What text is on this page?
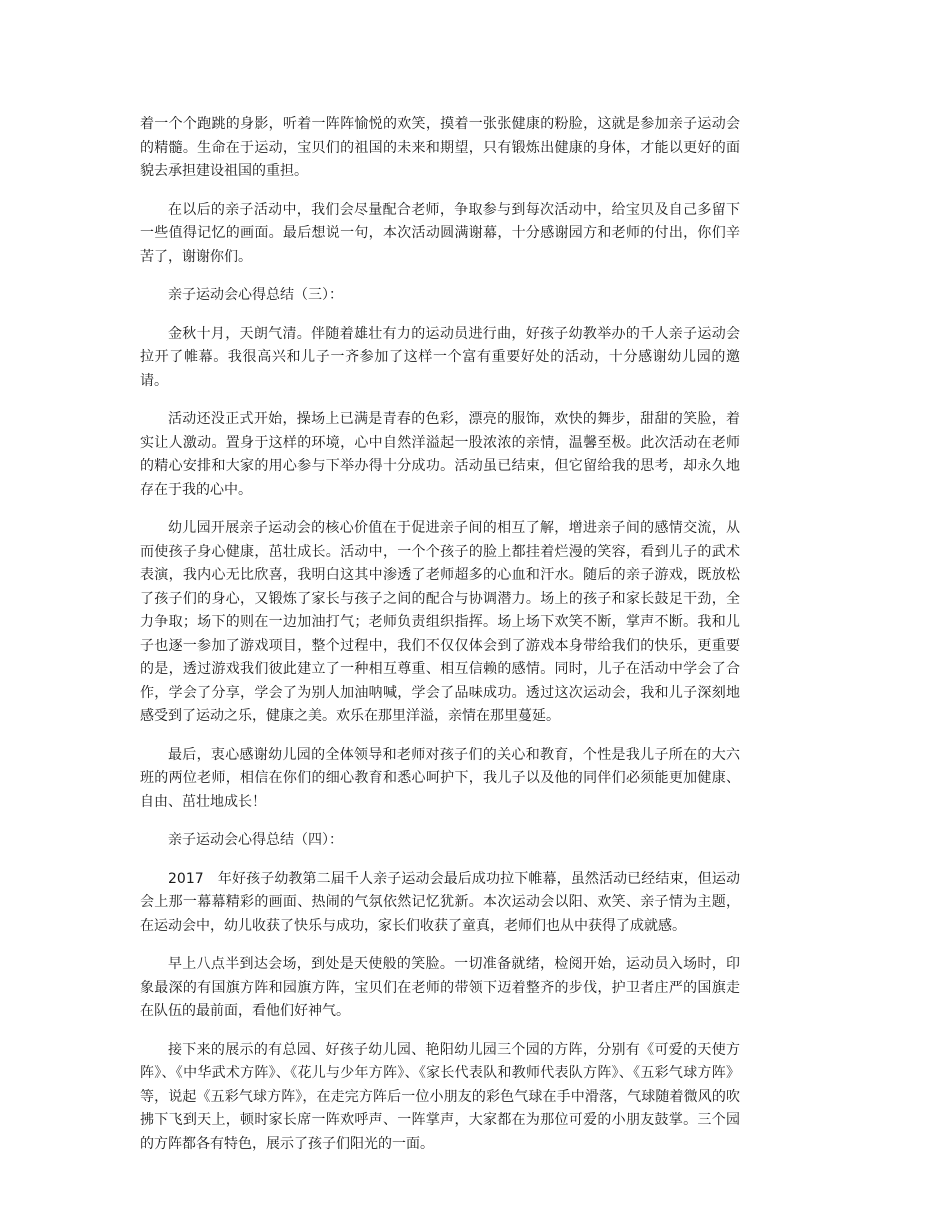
着一个个跑跳的身影，听着一阵阵愉悦的欢笑，摸着一张张健康的粉脸，这就是参加亲子运动会的精髓。生命在于运动，宝贝们的祖国的未来和期望，只有锻炼出健康的身体，才能以更好的面貌去承担建设祖国的重担。

在以后的亲子活动中，我们会尽量配合老师，争取参与到每次活动中，给宝贝及自己多留下一些值得记忆的画面。最后想说一句，本次活动圆满谢幕，十分感谢园方和老师的付出，你们辛苦了，谢谢你们。

亲子运动会心得总结（三）：

金秋十月，天朗气清。伴随着雄壮有力的运动员进行曲，好孩子幼教举办的千人亲子运动会拉开了帷幕。我很高兴和儿子一齐参加了这样一个富有重要好处的活动，十分感谢幼儿园的邀请。

活动还没正式开始，操场上已满是青春的色彩，漂亮的服饰，欢快的舞步，甜甜的笑脸，着实让人激动。置身于这样的环境，心中自然洋溢起一股浓浓的亲情，温馨至极。此次活动在老师的精心安排和大家的用心参与下举办得十分成功。活动虽已结束，但它留给我的思考，却永久地存在于我的心中。

幼儿园开展亲子运动会的核心价值在于促进亲子间的相互了解，增进亲子间的感情交流，从而使孩子身心健康，茁壮成长。活动中，一个个孩子的脸上都挂着烂漫的笑容，看到儿子的武术表演，我内心无比欣喜，我明白这其中渗透了老师超多的心血和汗水。随后的亲子游戏，既放松了孩子们的身心，又锻炼了家长与孩子之间的配合与协调潜力。场上的孩子和家长鼓足干劲，全力争取；场下的则在一边加油打气；老师负责组织指挥。场上场下欢笑不断，掌声不断。我和儿子也逐一参加了游戏项目，整个过程中，我们不仅仅体会到了游戏本身带给我们的快乐，更重要的是，透过游戏我们彼此建立了一种相互尊重、相互信赖的感情。同时，儿子在活动中学会了合作，学会了分享，学会了为别人加油呐喊，学会了品味成功。透过这次运动会，我和儿子深刻地感受到了运动之乐，健康之美。欢乐在那里洋溢，亲情在那里蔓延。

最后，衷心感谢幼儿园的全体领导和老师对孩子们的关心和教育，个性是我儿子所在的大六班的两位老师，相信在你们的细心教育和悉心呵护下，我儿子以及他的同伴们必须能更加健康、自由、茁壮地成长！

亲子运动会心得总结（四）：

2017　年好孩子幼教第二届千人亲子运动会最后成功拉下帷幕，虽然活动已经结束，但运动会上那一幕幕精彩的画面、热闹的气氛依然记忆犹新。本次运动会以阳、欢笑、亲子情为主题，在运动会中，幼儿收获了快乐与成功，家长们收获了童真，老师们也从中获得了成就感。

早上八点半到达会场，到处是天使般的笑脸。一切准备就绪，检阅开始，运动员入场时，印象最深的有国旗方阵和园旗方阵，宝贝们在老师的带领下迈着整齐的步伐，护卫者庄严的国旗走在队伍的最前面，看他们好神气。

接下来的展示的有总园、好孩子幼儿园、艳阳幼儿园三个园的方阵，分别有《可爱的天使方阵》、《中华武术方阵》、《花儿与少年方阵》、《家长代表队和教师代表队方阵》、《五彩气球方阵》等，说起《五彩气球方阵》，在走完方阵后一位小朋友的彩色气球在手中滑落，气球随着微风的吹拂下飞到天上，顿时家长席一阵欢呼声、一阵掌声，大家都在为那位可爱的小朋友鼓掌。三个园的方阵都各有特色，展示了孩子们阳光的一面。
